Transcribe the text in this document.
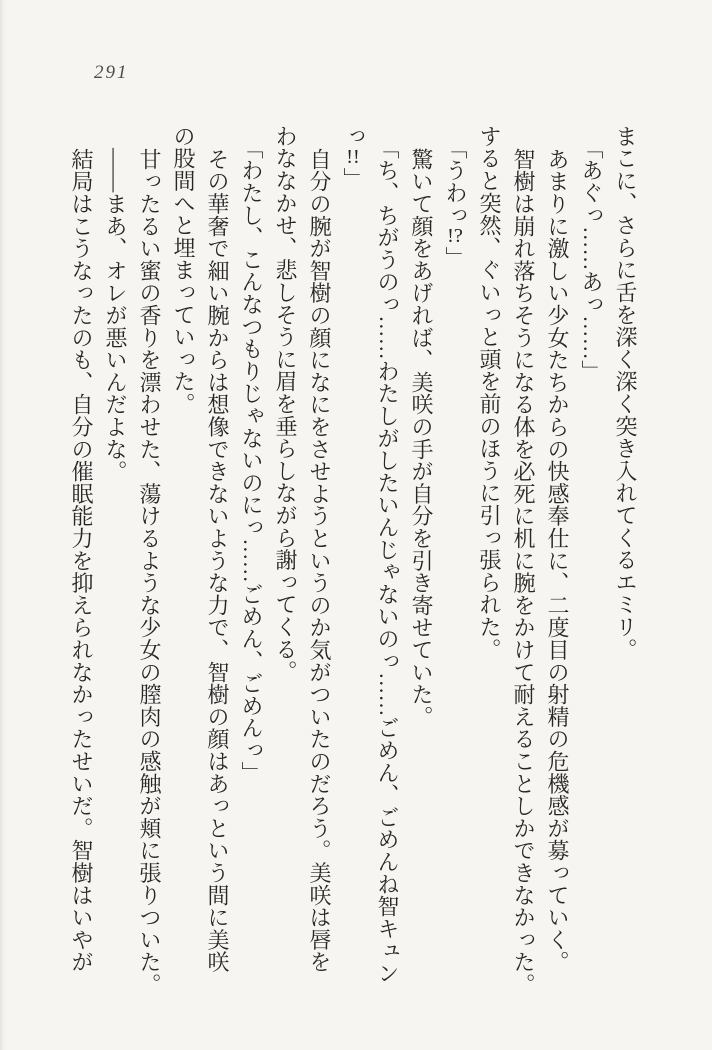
291

まこに、さらに舌を深く深く突き入れてくるエミリ。

「あぐっ……あっ……」

あまりに激しい少女たちからの快感奉仕に、二度目の射精の危機感が募っていく。

智樹は崩れ落ちそうになる体を必死に机に腕をかけて耐えることしかできなかった。

すると突然、ぐいっと頭を前のほうに引っ張られた。

「うわっ!?」

驚いて顔をあげれば、美咲の手が自分を引き寄せていた。

「ち、ちがうのっ……わたしがしたいんじゃないのっ……ごめん、ごめんね智キュン

っ!!」

自分の腕が智樹の顔になにをさせようというのか気がついたのだろう。美咲は唇を

わななかせ、悲しそうに眉を垂らしながら謝ってくる。

「わたし、こんなつもりじゃないのにっ……ごめん、ごめんっ」

その華奢で細い腕からは想像できないような力で、智樹の顔はあっという間に美咲

の股間へと埋まっていった。

甘ったるい蜜の香りを漂わせた、蕩けるような少女の膣肉の感触が頬に張りついた。

――まあ、オレが悪いんだよな。

結局はこうなったのも、自分の催眠能力を抑えられなかったせいだ。智樹はいやが
